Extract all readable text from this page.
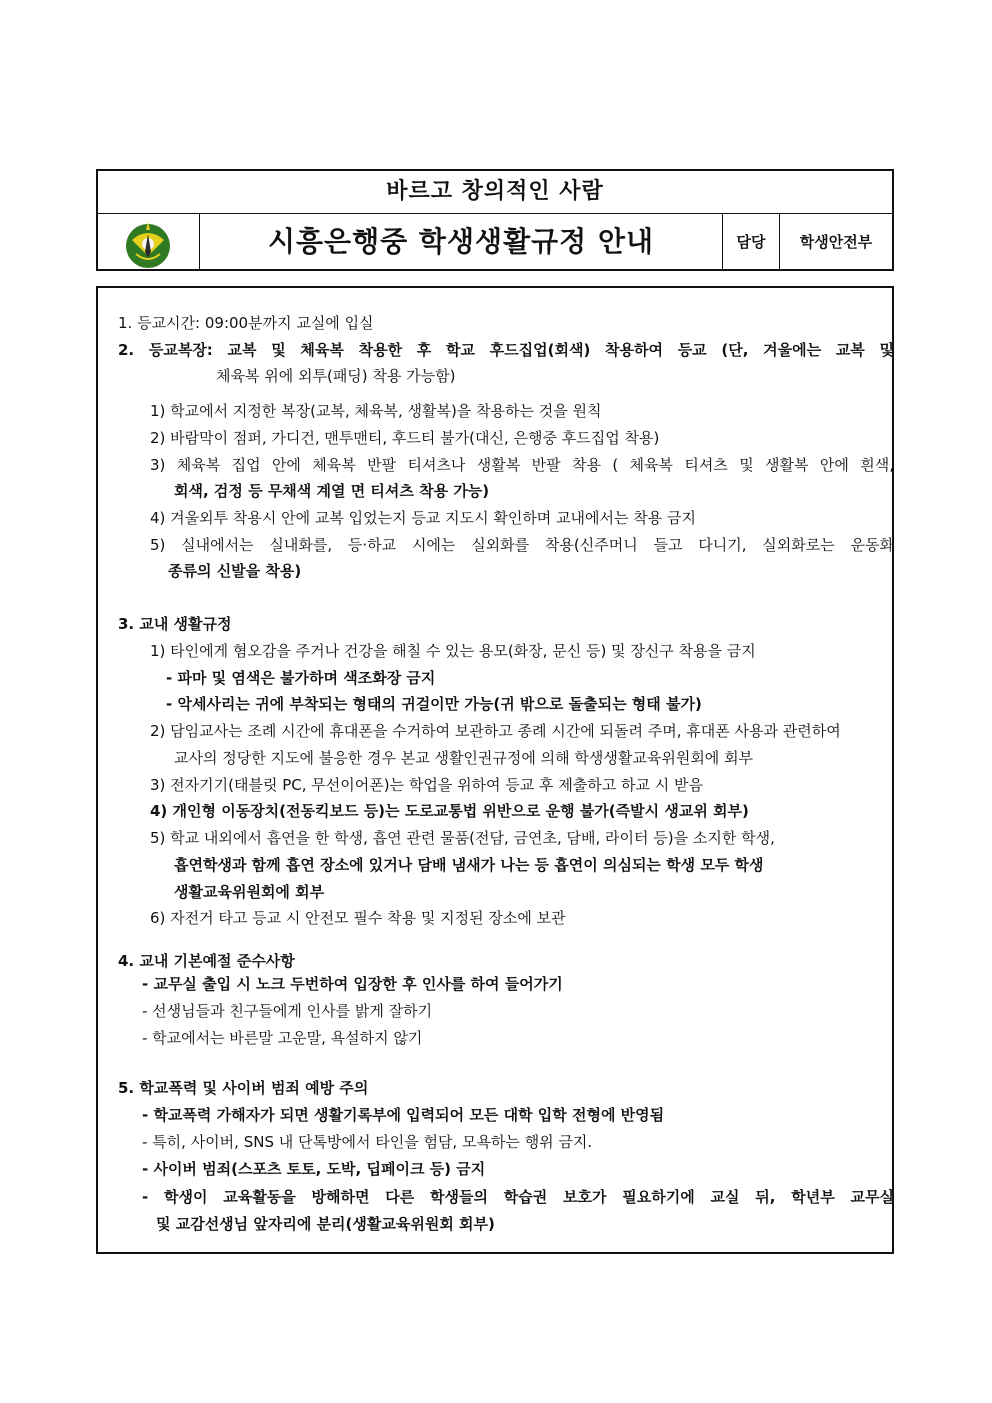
바르고 창의적인 사람
시흥은행중 학생생활규정 안내	담당	학생안전부
1. 등교시간: 09:00분까지 교실에 입실
2. 등교복장: 교복 및 체육복 착용한 후 학교 후드집업(회색) 착용하여 등교 (단, 겨울에는 교복 및
체육복 위에 외투(패딩) 착용 가능함)
1) 학교에서 지정한 복장(교복, 체육복, 생활복)을 착용하는 것을 원칙
2) 바람막이 점퍼, 가디건, 맨투맨티, 후드티 불가(대신, 은행중 후드집업 착용)
3) 체육복 집업 안에 체육복 반팔 티셔츠나 생활복 반팔 착용 ( 체육복 티셔츠 및 생활복 안에 흰색,
회색, 검정 등 무채색 계열 면 티셔츠 착용 가능)
4) 겨울외투 착용시 안에 교복 입었는지 등교 지도시 확인하며 교내에서는 착용 금지
5) 실내에서는 실내화를, 등·하교 시에는 실외화를 착용(신주머니 들고 다니기, 실외화로는 운동화
종류의 신발을 착용)
3. 교내 생활규정
1) 타인에게 혐오감을 주거나 건강을 해칠 수 있는 용모(화장, 문신 등) 및 장신구 착용을 금지
- 파마 및 염색은 불가하며 색조화장 금지
- 악세사리는 귀에 부착되는 형태의 귀걸이만 가능(귀 밖으로 돌출되는 형태 불가)
2) 담임교사는 조례 시간에 휴대폰을 수거하여 보관하고 종례 시간에 되돌려 주며, 휴대폰 사용과 관련하여
교사의 정당한 지도에 불응한 경우 본교 생활인권규정에 의해 학생생활교육위원회에 회부
3) 전자기기(태블릿 PC, 무선이어폰)는 학업을 위하여 등교 후 제출하고 하교 시 받음
4) 개인형 이동장치(전동킥보드 등)는 도로교통법 위반으로 운행 불가(즉발시 생교위 회부)
5) 학교 내외에서 흡연을 한 학생, 흡연 관련 물품(전담, 금연초, 담배, 라이터 등)을 소지한 학생,
흡연학생과 함께 흡연 장소에 있거나 담배 냄새가 나는 등 흡연이 의심되는 학생 모두 학생
생활교육위원회에 회부
6) 자전거 타고 등교 시 안전모 필수 착용 및 지정된 장소에 보관
4. 교내 기본예절 준수사항
- 교무실 출입 시 노크 두번하여 입장한 후 인사를 하여 들어가기
- 선생님들과 친구들에게 인사를 밝게 잘하기
- 학교에서는 바른말 고운말, 욕설하지 않기
5. 학교폭력 및 사이버 범죄 예방 주의
- 학교폭력 가해자가 되면 생활기록부에 입력되어 모든 대학 입학 전형에 반영됨
- 특히, 사이버, SNS 내 단톡방에서 타인을 험담, 모욕하는 행위 금지.
- 사이버 범죄(스포츠 토토, 도박, 딥페이크 등) 금지
- 학생이 교육활동을 방해하면 다른 학생들의 학습권 보호가 필요하기에 교실 뒤, 학년부 교무실
및 교감선생님 앞자리에 분리(생활교육위원회 회부)
